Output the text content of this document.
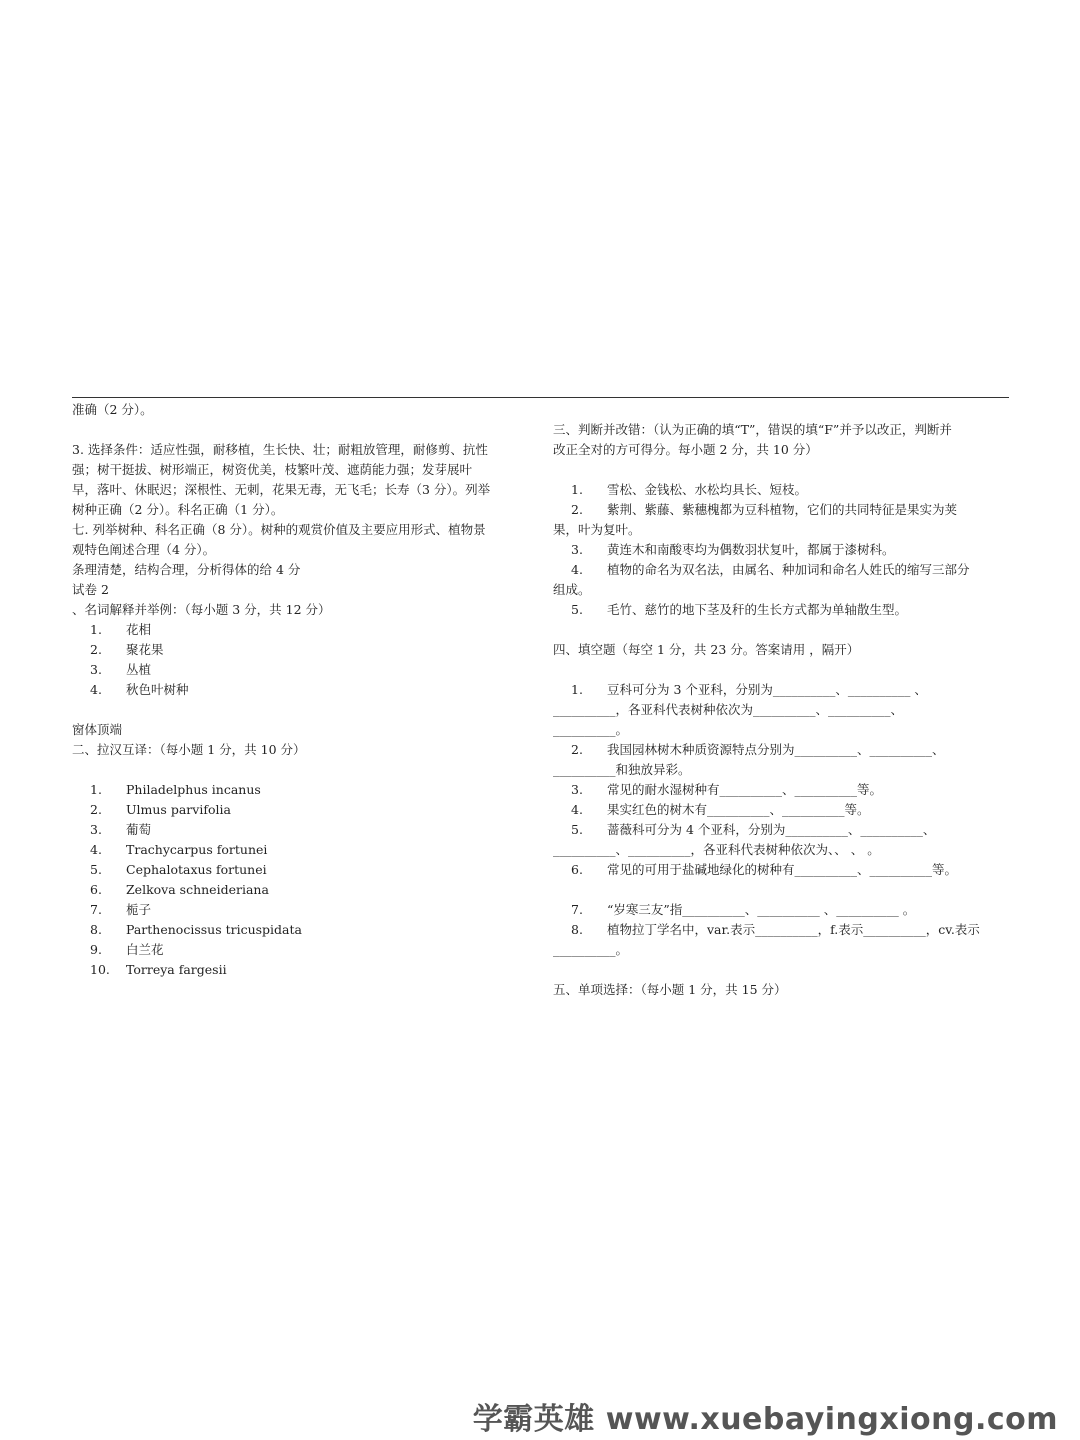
准确（2 分）。

3. 选择条件：适应性强，耐移植，生长快、壮；耐粗放管理，耐修剪、抗性

强；树干挺拔、树形端正，树资优美，枝繁叶茂、遮荫能力强；发芽展叶

早，落叶、休眠迟；深根性、无刺，花果无毒，无飞毛；长寿（3 分）。列举

树种正确（2 分）。科名正确（1 分）。

七. 列举树种、科名正确（8 分）。树种的观赏价值及主要应用形式、植物景

观特色阐述合理（4 分）。

条理清楚，结构合理，分析得体的给 4 分

试卷 2

、名词解释并举例：（每小题 3 分，共 12 分）

1. 花相
2. 聚花果
3. 丛植
4. 秋色叶树种

窗体顶端

二、拉汉互译：（每小题 1 分，共 10 分）

1. Philadelphus incanus
2. Ulmus parvifolia
3. 葡萄
4. Trachycarpus fortunei
5. Cephalotaxus fortunei
6. Zelkova schneideriana
7. 栀子
8. Parthenocissus tricuspidata
9. 白兰花
10. Torreya fargesii

三、判断并改错：（认为正确的填“T”，错误的填“F”并予以改正，判断并

改正全对的方可得分。每小题 2 分，共 10 分）

1. 雪松、金钱松、水松均具长、短枝。
2. 紫荆、紫藤、紫穗槐都为豆科植物，它们的共同特征是果实为荚

果，叶为复叶。

3. 黄连木和南酸枣均为偶数羽状复叶，都属于漆树科。
4. 植物的命名为双名法，由属名、种加词和命名人姓氏的缩写三部分

组成。

5. 毛竹、慈竹的地下茎及秆的生长方式都为单轴散生型。

四、填空题（每空 1 分，共 23 分。答案请用 ，隔开）

1. 豆科可分为 3 个亚科，分别为__________、__________ 、

__________，各亚科代表树种依次为__________、__________、

__________。

2. 我国园林树木种质资源特点分别为__________、__________、

__________和独放异彩。

3. 常见的耐水湿树种有__________、__________等。
4. 果实红色的树木有__________、__________等。
5. 蔷薇科可分为 4 个亚科，分别为__________、__________、

__________、__________，各亚科代表树种依次为、、 、 。

6. 常见的可用于盐碱地绿化的树种有__________、__________等。
7. “岁寒三友”指__________、__________ 、__________ 。
8. 植物拉丁学名中，var.表示__________，f.表示__________，cv.表示

__________。

五、单项选择：（每小题 1 分，共 15 分）

学霸英雄 www.xuebayingxiong.com
